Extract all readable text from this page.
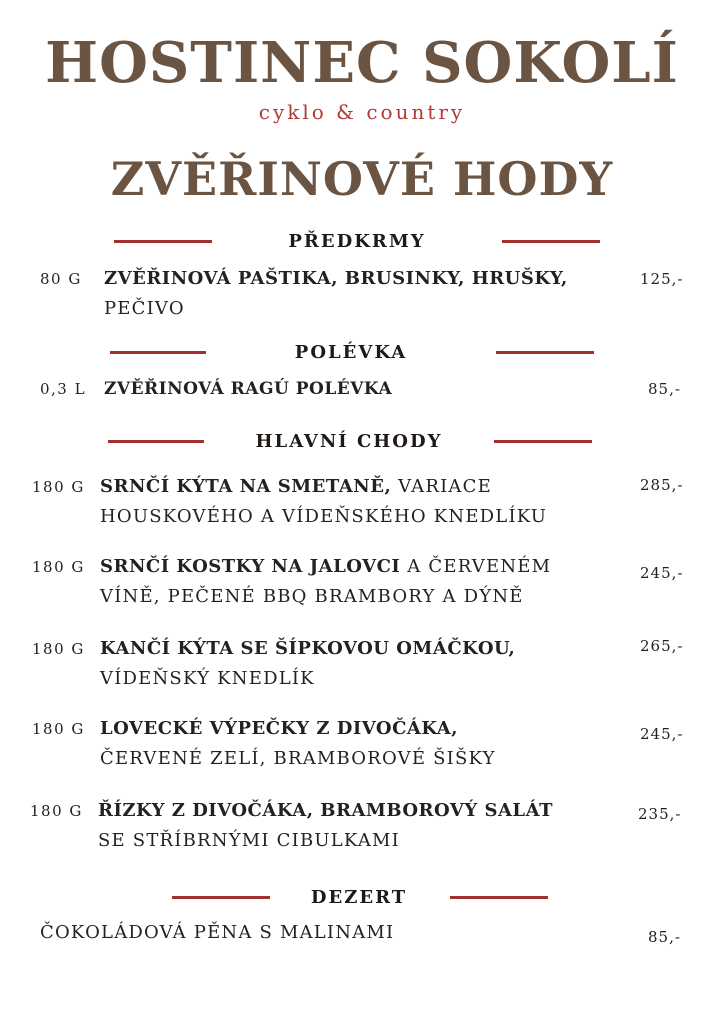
HOSTINEC SOKOLÍ
cyklo & country
ZVĚŘINOVÉ HODY
PŘEDKRMY
80 G ZVĚŘINOVÁ PAŠTIKA, BRUSINKY, HRUŠKY,
PEČIVO
125,-
POLÉVKA
0,3 L ZVĚŘINOVÁ RAGÚ POLÉVKA	85,-
HLAVNÍ CHODY
180 G SRNČÍ KÝTA NA SMETANĚ, VARIACE
HOUSKOVÉHO A VÍDEŇSKÉHO KNEDLÍKU
285,-
180 G SRNČÍ KOSTKY NA JALOVCI A ČERVENÉM
VÍNĚ, PEČENÉ BBQ BRAMBORY A DÝNĚ
245,-
180 G KANČÍ KÝTA SE ŠÍPKOVOU OMÁČKOU,
VÍDEŇSKÝ KNEDLÍK
265,-
180 G LOVECKÉ VÝPEČKY Z DIVOČÁKA,
ČERVENÉ ZELÍ, BRAMBOROVÉ ŠIŠKY
245,-
180 G ŘÍZKY Z DIVOČÁKA, BRAMBOROVÝ SALÁT
SE STŘÍBRNÝMI CIBULKAMI
235,-
DEZERT
ČOKOLÁDOVÁ PĚNA S MALINAMI	85,-
